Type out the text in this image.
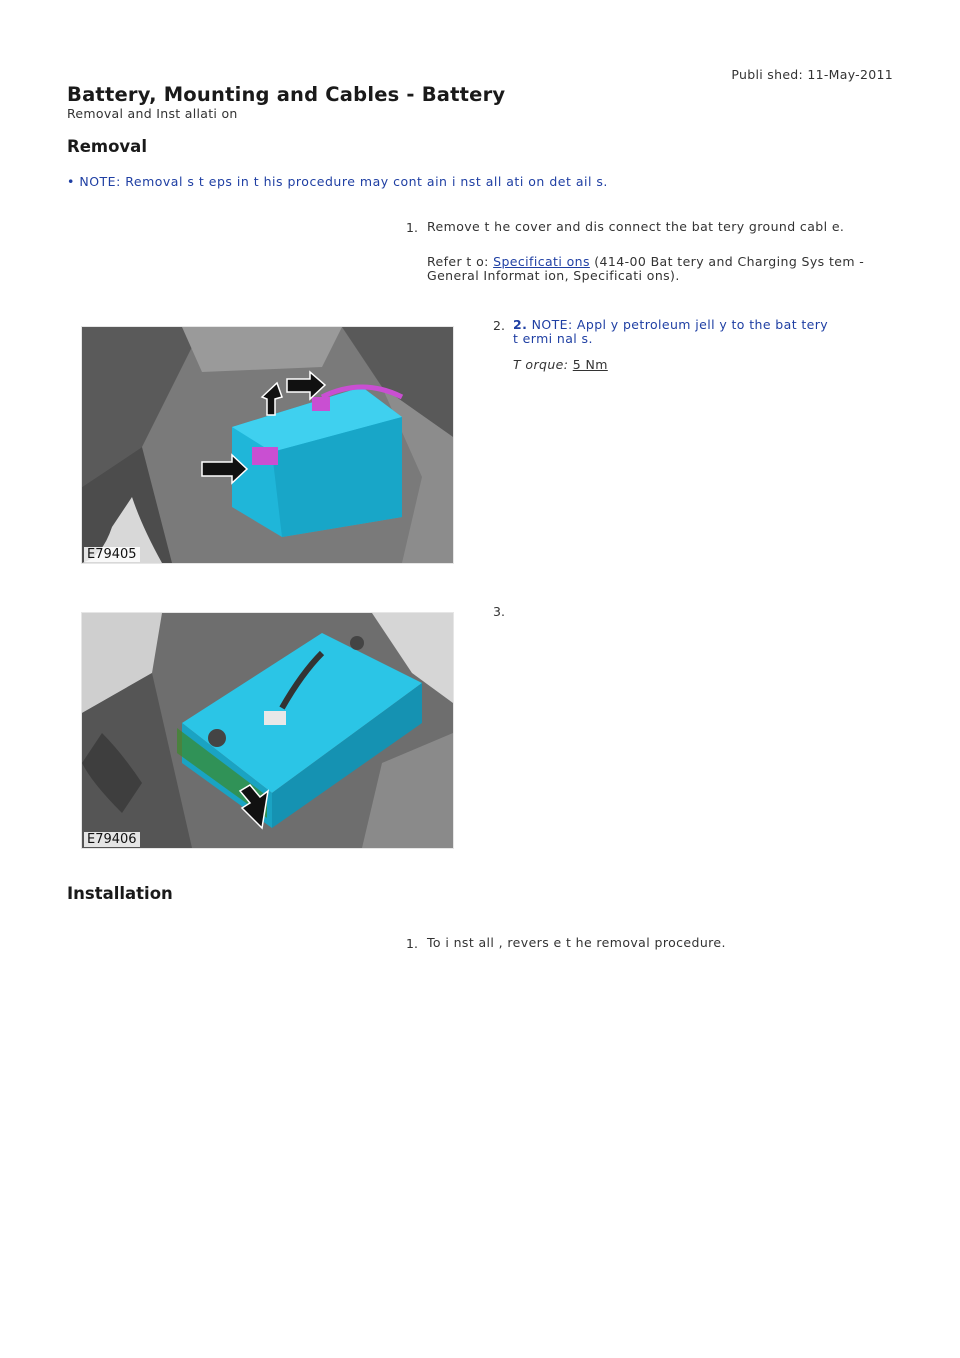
Publi shed: 11-May-2011
Battery, Mounting and Cables - Battery
Removal and Inst allati on
Removal
• NOTE: Removal s t eps in t his procedure may cont ain i nst all ati on det ail s.
1. Remove t he cover and dis connect the bat tery ground cabl e.
Refer t o: Specificati ons (414-00 Bat tery and Charging Sys tem -
General Informat ion, Specificati ons).
E79405
2. 2. NOTE: Appl y petroleum jell y to the bat tery
t ermi nal s.
T orque: 5 Nm
E79406
3.
Installation
1. To i nst all , revers e t he removal procedure.
